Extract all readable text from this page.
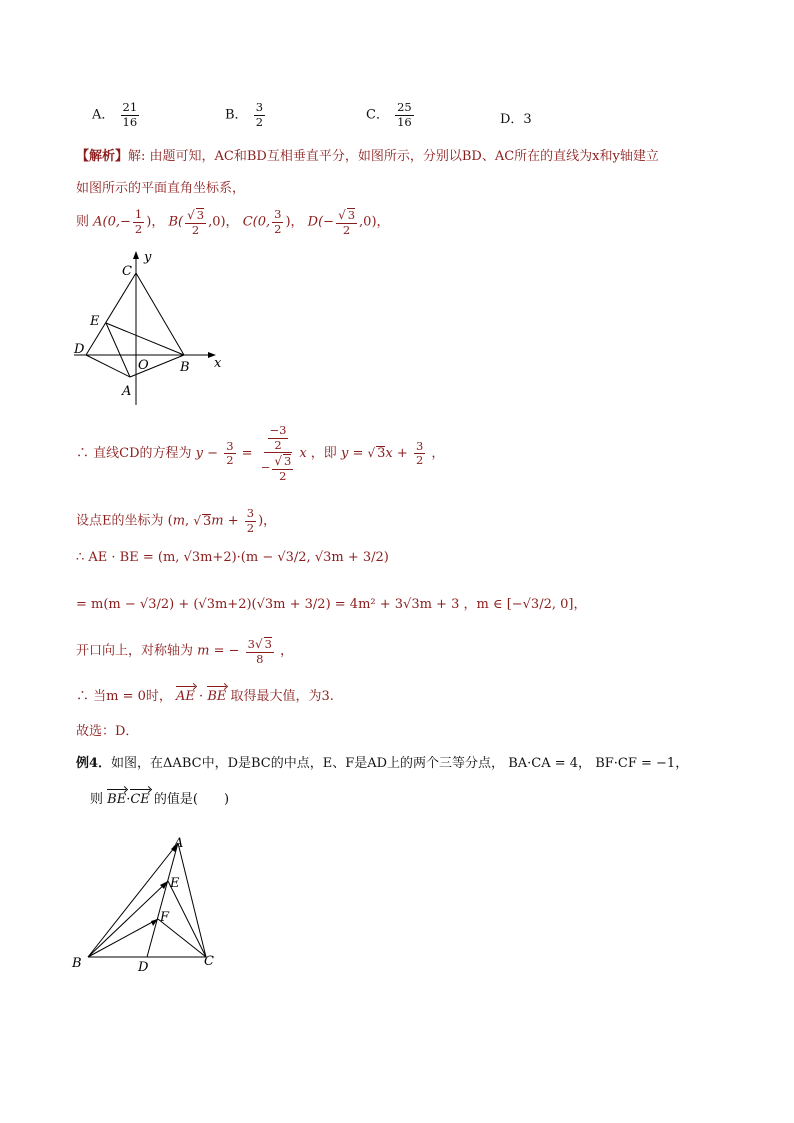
A． $\frac{21}{16}$	B． $\frac{3}{2}$	C． $\frac{25}{16}$	D．3
【解析】解: 由题可知，AC和BD互相垂直平分，如图所示，分别以BD、AC所在的直线为x和y轴建立
如图所示的平面直角坐标系，
则 $A(0,- \frac{1}{2}$ )， $B( \frac{√ 3}{2} ,0)$， C(0, $\frac{3}{2}$ )， $D(- \frac{√ 3}{2} ,0)$，
C
y
E
D
O B x
A
∴ 直线CD的方程为 $y - \frac{3}{2} = \frac{\frac{-3}{2}}{- \frac{√ 3}{2}}$ x ，即 y = √ $3x + \frac{3}{2}$ ，
设点E的坐标为 (m, √ $3m + \frac{3}{2}$ )，
∴ AE · BE = (m, √3m+2)·(m − √3/2, √3m + 3/2)
= m(m − √3/2) + (√3m+2)(√3m + 3/2) = 4m² + 3√3m + 3 ，m ∈ [−√3/2, 0]，
开口向上，对称轴为 m = − $\frac{3√ 3}{8}$ ，
∴ 当m = 0时， AE · BE 取得最大值，为3.
故选：D．
例4．如图，在ΔABC中，D是BC的中点，E、F是AD上的两个三等分点， BA·CA = 4， BF·CF = −1，
则 BE·CE 的值是(　　)
A
E
F
B	D	C
